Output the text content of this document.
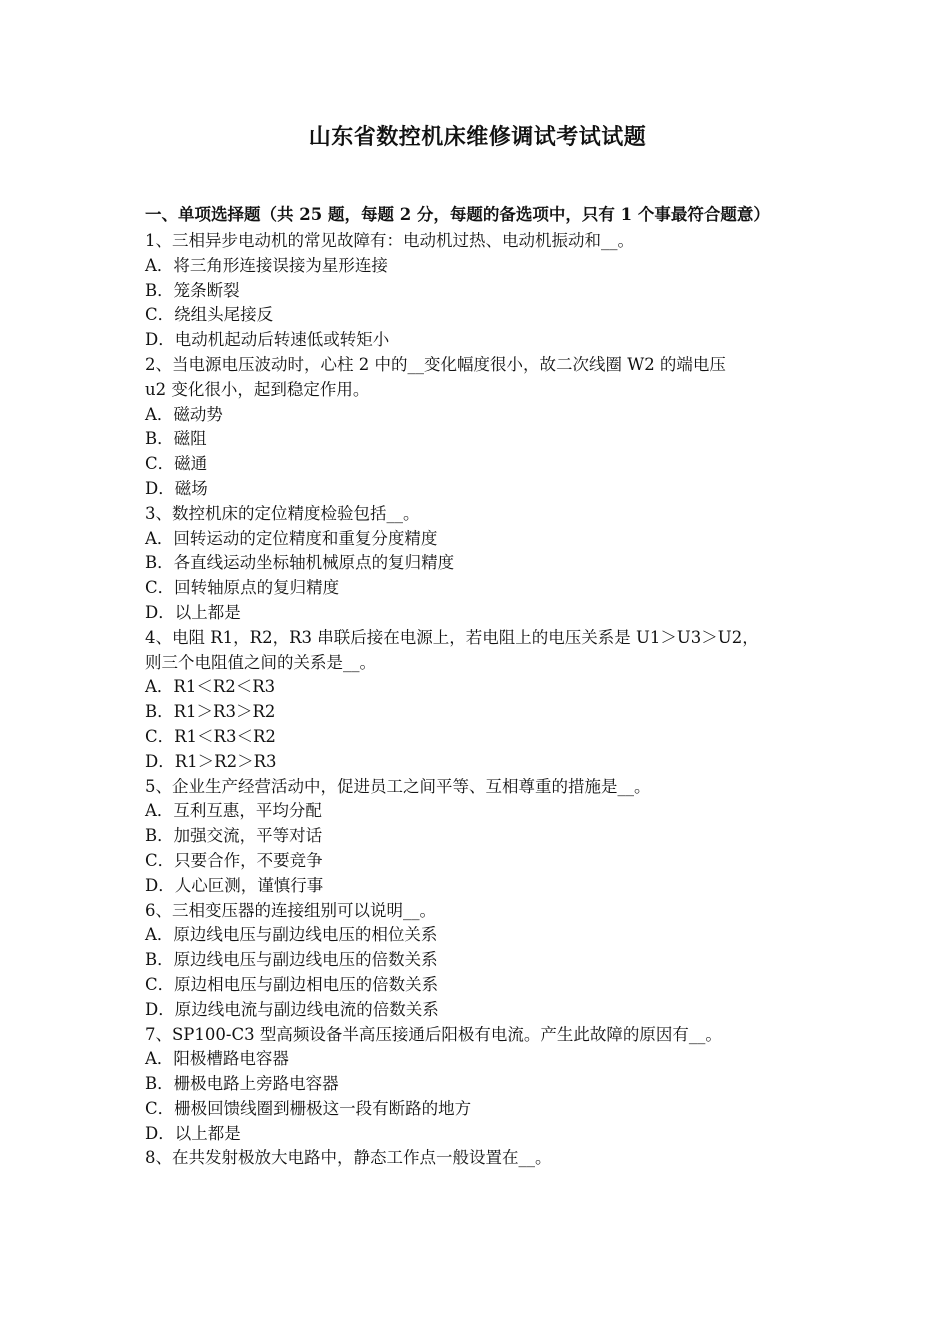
山东省数控机床维修调试考试试题
一、单项选择题（共 25 题，每题 2 分，每题的备选项中，只有 1 个事最符合题意）
1、三相异步电动机的常见故障有：电动机过热、电动机振动和__。
A．将三角形连接误接为星形连接
B．笼条断裂
C．绕组头尾接反
D．电动机起动后转速低或转矩小
2、当电源电压波动时，心柱 2 中的__变化幅度很小，故二次线圈 W2 的端电压
u2 变化很小，起到稳定作用。
A．磁动势
B．磁阻
C．磁通
D．磁场
3、数控机床的定位精度检验包括__。
A．回转运动的定位精度和重复分度精度
B．各直线运动坐标轴机械原点的复归精度
C．回转轴原点的复归精度
D．以上都是
4、电阻 R1，R2，R3 串联后接在电源上，若电阻上的电压关系是 U1＞U3＞U2，
则三个电阻值之间的关系是__。
A．R1＜R2＜R3
B．R1＞R3＞R2
C．R1＜R3＜R2
D．R1＞R2＞R3
5、企业生产经营活动中，促进员工之间平等、互相尊重的措施是__。
A．互利互惠，平均分配
B．加强交流，平等对话
C．只要合作，不要竞争
D．人心叵测，谨慎行事
6、三相变压器的连接组别可以说明__。
A．原边线电压与副边线电压的相位关系
B．原边线电压与副边线电压的倍数关系
C．原边相电压与副边相电压的倍数关系
D．原边线电流与副边线电流的倍数关系
7、SP100-C3 型高频设备半高压接通后阳极有电流。产生此故障的原因有__。
A．阳极槽路电容器
B．栅极电路上旁路电容器
C．栅极回馈线圈到栅极这一段有断路的地方
D．以上都是
8、在共发射极放大电路中，静态工作点一般设置在__。
